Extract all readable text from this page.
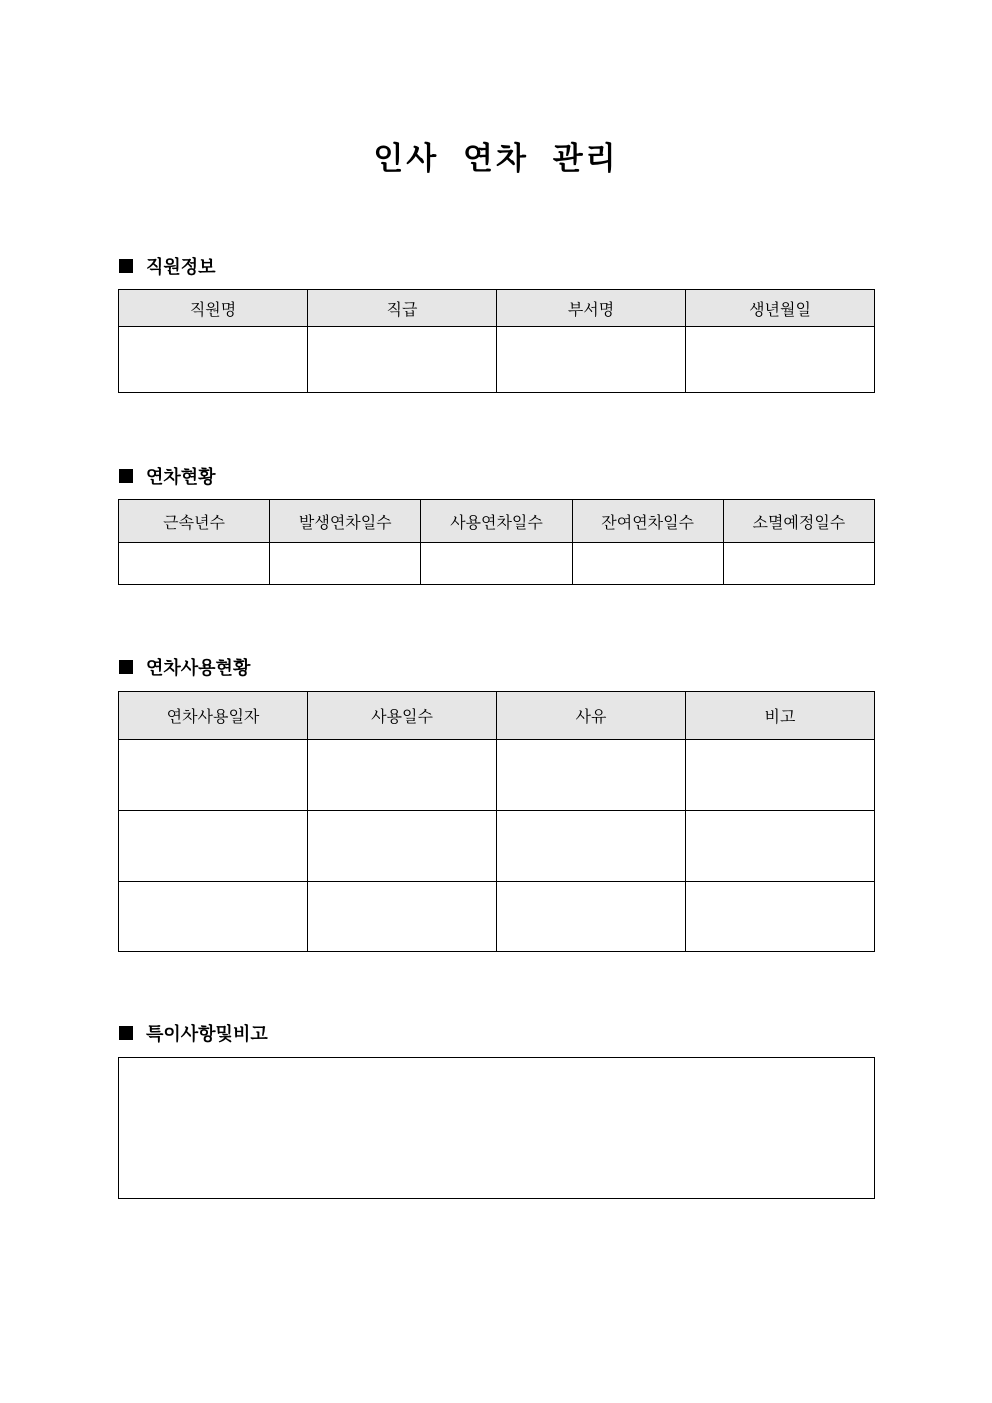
인사 연차 관리
직원정보
직원명	직급	부서명	생년월일

연차현황
근속년수	발생연차일수	사용연차일수	잔여연차일수	소멸예정일수

연차사용현황
연차사용일자	사용일수	사유	비고

특이사항및비고
